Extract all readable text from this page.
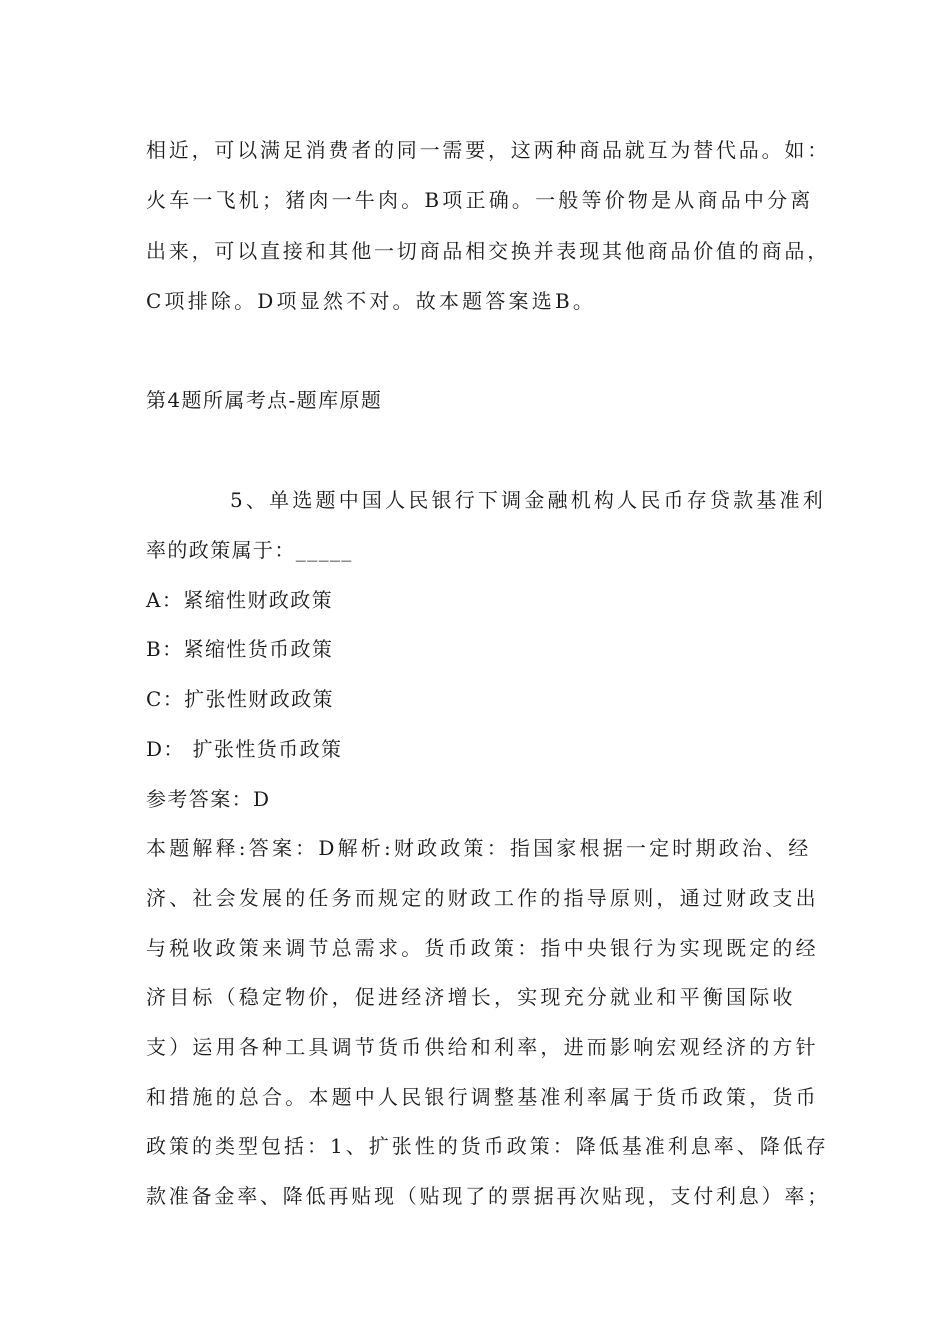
相近，可以满足消费者的同一需要，这两种商品就互为替代品。如：
火车一飞机；猪肉一牛肉。B项正确。一般等价物是从商品中分离
出来，可以直接和其他一切商品相交换并表现其他商品价值的商品，
C项排除。D项显然不对。故本题答案选B。
第4题所属考点-题库原题
5、单选题中国人民银行下调金融机构人民币存贷款基准利
率的政策属于：_____
A：紧缩性财政政策
B：紧缩性货币政策
C：扩张性财政政策
D： 扩张性货币政策
参考答案：D
本题解释:答案：D解析:财政政策：指国家根据一定时期政治、经
济、社会发展的任务而规定的财政工作的指导原则，通过财政支出
与税收政策来调节总需求。货币政策：指中央银行为实现既定的经
济目标（稳定物价，促进经济增长，实现充分就业和平衡国际收
支）运用各种工具调节货币供给和利率，进而影响宏观经济的方针
和措施的总合。本题中人民银行调整基准利率属于货币政策，货币
政策的类型包括：1、扩张性的货币政策：降低基准利息率、降低存
款准备金率、降低再贴现（贴现了的票据再次贴现，支付利息）率；
